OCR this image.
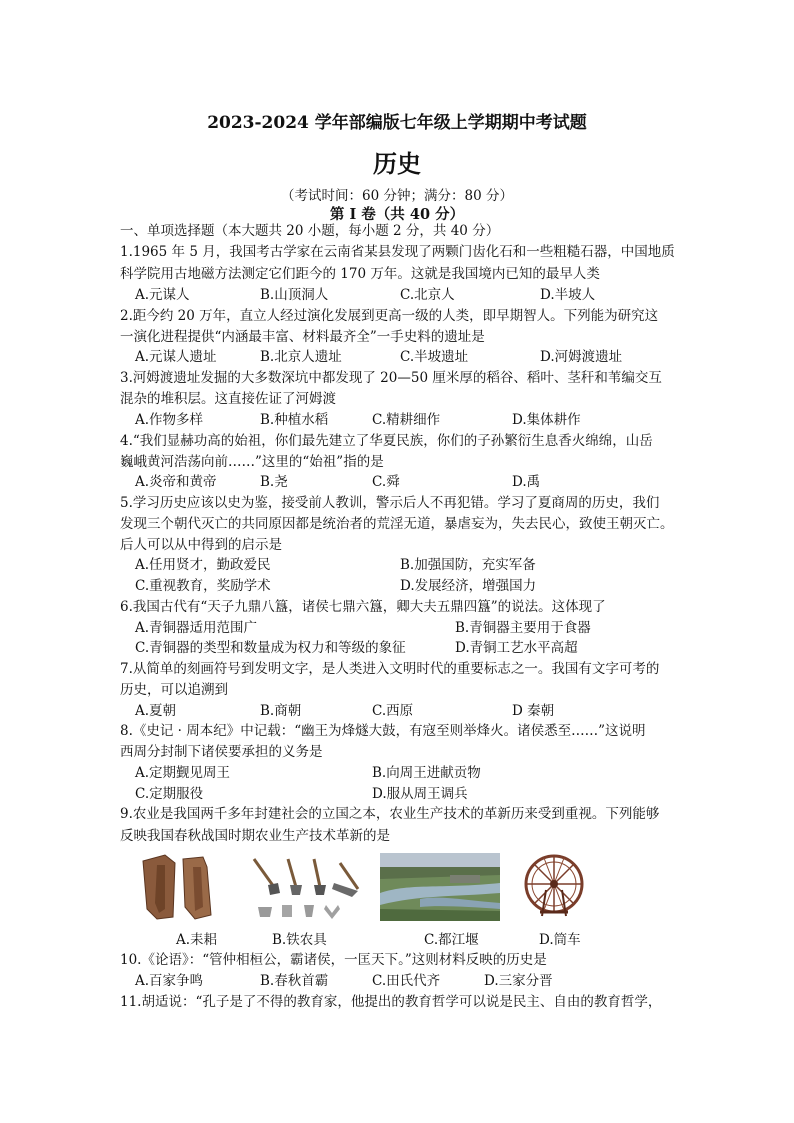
2023-2024 学年部编版七年级上学期期中考试题
历史
（考试时间：60 分钟；满分：80 分）
第 I 卷（共 40 分）
一、单项选择题（本大题共 20 小题，每小题 2 分，共 40 分）
1.1965 年 5 月，我国考古学家在云南省某县发现了两颗门齿化石和一些粗糙石器，中国地质
科学院用古地磁方法测定它们距今的 170 万年。这就是我国境内已知的最早人类
A.元谋人	B.山顶洞人	C.北京人	D.半坡人
2.距今约 20 万年，直立人经过演化发展到更高一级的人类，即早期智人。下列能为研究这
一演化进程提供“内涵最丰富、材料最齐全”一手史料的遗址是
A.元谋人遗址	B.北京人遗址	C.半坡遗址	D.河姆渡遗址
3.河姆渡遗址发掘的大多数深坑中都发现了 20—50 厘米厚的稻谷、稻叶、茎秆和苇编交互
混杂的堆积层。这直接佐证了河姆渡
A.作物多样	B.种植水稻	C.精耕细作	D.集体耕作
4.“我们显赫功高的始祖，你们最先建立了华夏民族，你们的子孙繁衍生息香火绵绵，山岳
巍峨黄河浩荡向前……”这里的“始祖”指的是
A.炎帝和黄帝	B.尧	C.舜	D.禹
5.学习历史应该以史为鉴，接受前人教训，警示后人不再犯错。学习了夏商周的历史，我们
发现三个朝代灭亡的共同原因都是统治者的荒淫无道，暴虐妄为，失去民心，致使王朝灭亡。
后人可以从中得到的启示是
A.任用贤才，勤政爱民	B.加强国防，充实军备
C.重视教育，奖励学术	D.发展经济，增强国力
6.我国古代有“天子九鼎八簋，诸侯七鼎六簋，卿大夫五鼎四簋”的说法。这体现了
A.青铜器适用范围广	B.青铜器主要用于食器
C.青铜器的类型和数量成为权力和等级的象征	D.青铜工艺水平高超
7.从简单的刻画符号到发明文字，是人类进入文明时代的重要标志之一。我国有文字可考的
历史，可以追溯到
A.夏朝	B.商朝	C.西原	D 秦朝
8.《史记 · 周本纪》中记载：“幽王为烽燧大鼓，有寇至则举烽火。诸侯悉至……”这说明
西周分封制下诸侯要承担的义务是
A.定期觐见周王	B.向周王进献贡物
C.定期服役	D.服从周王调兵
9.农业是我国两千多年封建社会的立国之本，农业生产技术的革新历来受到重视。下列能够
反映我国春秋战国时期农业生产技术革新的是
A.耒耜	B.铁农具	C.都江堰	D.筒车
10.《论语》：“管仲相桓公，霸诸侯，一匡天下。”这则材料反映的历史是
A.百家争鸣	B.春秋首霸	C.田氏代齐	D.三家分晋
11.胡适说：“孔子是了不得的教育家，他提出的教育哲学可以说是民主、自由的教育哲学，
